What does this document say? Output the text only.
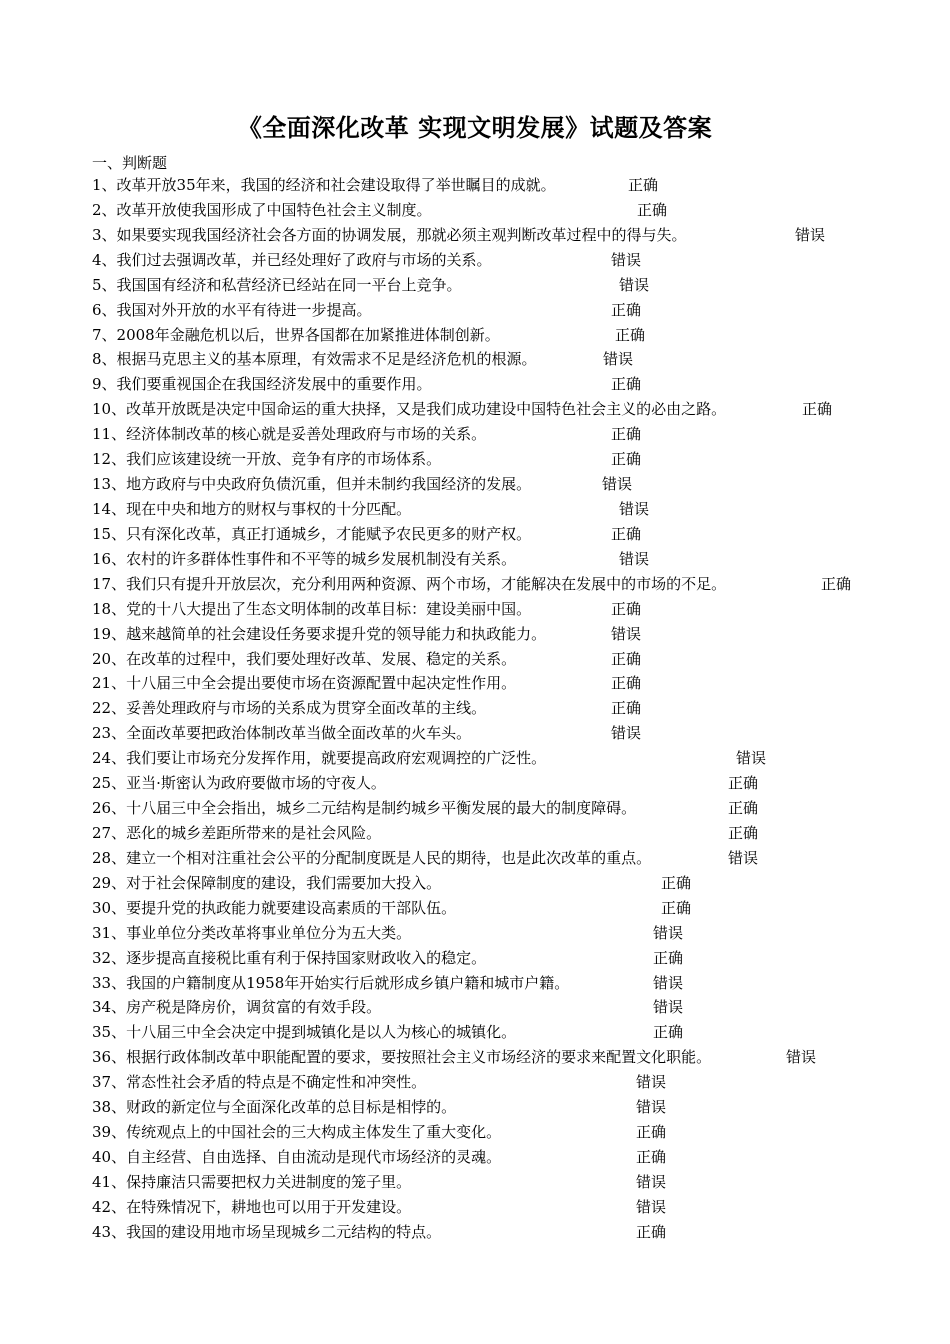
《全面深化改革 实现文明发展》试题及答案
一、判断题
1、改革开放35年来，我国的经济和社会建设取得了举世瞩目的成就。	正确
2、改革开放使我国形成了中国特色社会主义制度。	正确
3、如果要实现我国经济社会各方面的协调发展，那就必须主观判断改革过程中的得与失。	错误
4、我们过去强调改革，并已经处理好了政府与市场的关系。	错误
5、我国国有经济和私营经济已经站在同一平台上竞争。	错误
6、我国对外开放的水平有待进一步提高。	正确
7、2008年金融危机以后，世界各国都在加紧推进体制创新。	正确
8、根据马克思主义的基本原理，有效需求不足是经济危机的根源。	错误
9、我们要重视国企在我国经济发展中的重要作用。	正确
10、改革开放既是决定中国命运的重大抉择，又是我们成功建设中国特色社会主义的必由之路。	正确
11、经济体制改革的核心就是妥善处理政府与市场的关系。	正确
12、我们应该建设统一开放、竞争有序的市场体系。	正确
13、地方政府与中央政府负债沉重，但并未制约我国经济的发展。	错误
14、现在中央和地方的财权与事权的十分匹配。	错误
15、只有深化改革，真正打通城乡，才能赋予农民更多的财产权。	正确
16、农村的许多群体性事件和不平等的城乡发展机制没有关系。	错误
17、我们只有提升开放层次，充分利用两种资源、两个市场，才能解决在发展中的市场的不足。	正确
18、党的十八大提出了生态文明体制的改革目标：建设美丽中国。	正确
19、越来越简单的社会建设任务要求提升党的领导能力和执政能力。	错误
20、在改革的过程中，我们要处理好改革、发展、稳定的关系。	正确
21、十八届三中全会提出要使市场在资源配置中起决定性作用。	正确
22、妥善处理政府与市场的关系成为贯穿全面改革的主线。	正确
23、全面改革要把政治体制改革当做全面改革的火车头。	错误
24、我们要让市场充分发挥作用，就要提高政府宏观调控的广泛性。	错误
25、亚当·斯密认为政府要做市场的守夜人。	正确
26、十八届三中全会指出，城乡二元结构是制约城乡平衡发展的最大的制度障碍。	正确
27、恶化的城乡差距所带来的是社会风险。	正确
28、建立一个相对注重社会公平的分配制度既是人民的期待，也是此次改革的重点。	错误
29、对于社会保障制度的建设，我们需要加大投入。	正确
30、要提升党的执政能力就要建设高素质的干部队伍。	正确
31、事业单位分类改革将事业单位分为五大类。	错误
32、逐步提高直接税比重有利于保持国家财政收入的稳定。	正确
33、我国的户籍制度从1958年开始实行后就形成乡镇户籍和城市户籍。	错误
34、房产税是降房价，调贫富的有效手段。	错误
35、十八届三中全会决定中提到城镇化是以人为核心的城镇化。	正确
36、根据行政体制改革中职能配置的要求，要按照社会主义市场经济的要求来配置文化职能。	错误
37、常态性社会矛盾的特点是不确定性和冲突性。	错误
38、财政的新定位与全面深化改革的总目标是相悖的。	错误
39、传统观点上的中国社会的三大构成主体发生了重大变化。	正确
40、自主经营、自由选择、自由流动是现代市场经济的灵魂。	正确
41、保持廉洁只需要把权力关进制度的笼子里。	错误
42、在特殊情况下，耕地也可以用于开发建设。	错误
43、我国的建设用地市场呈现城乡二元结构的特点。	正确
